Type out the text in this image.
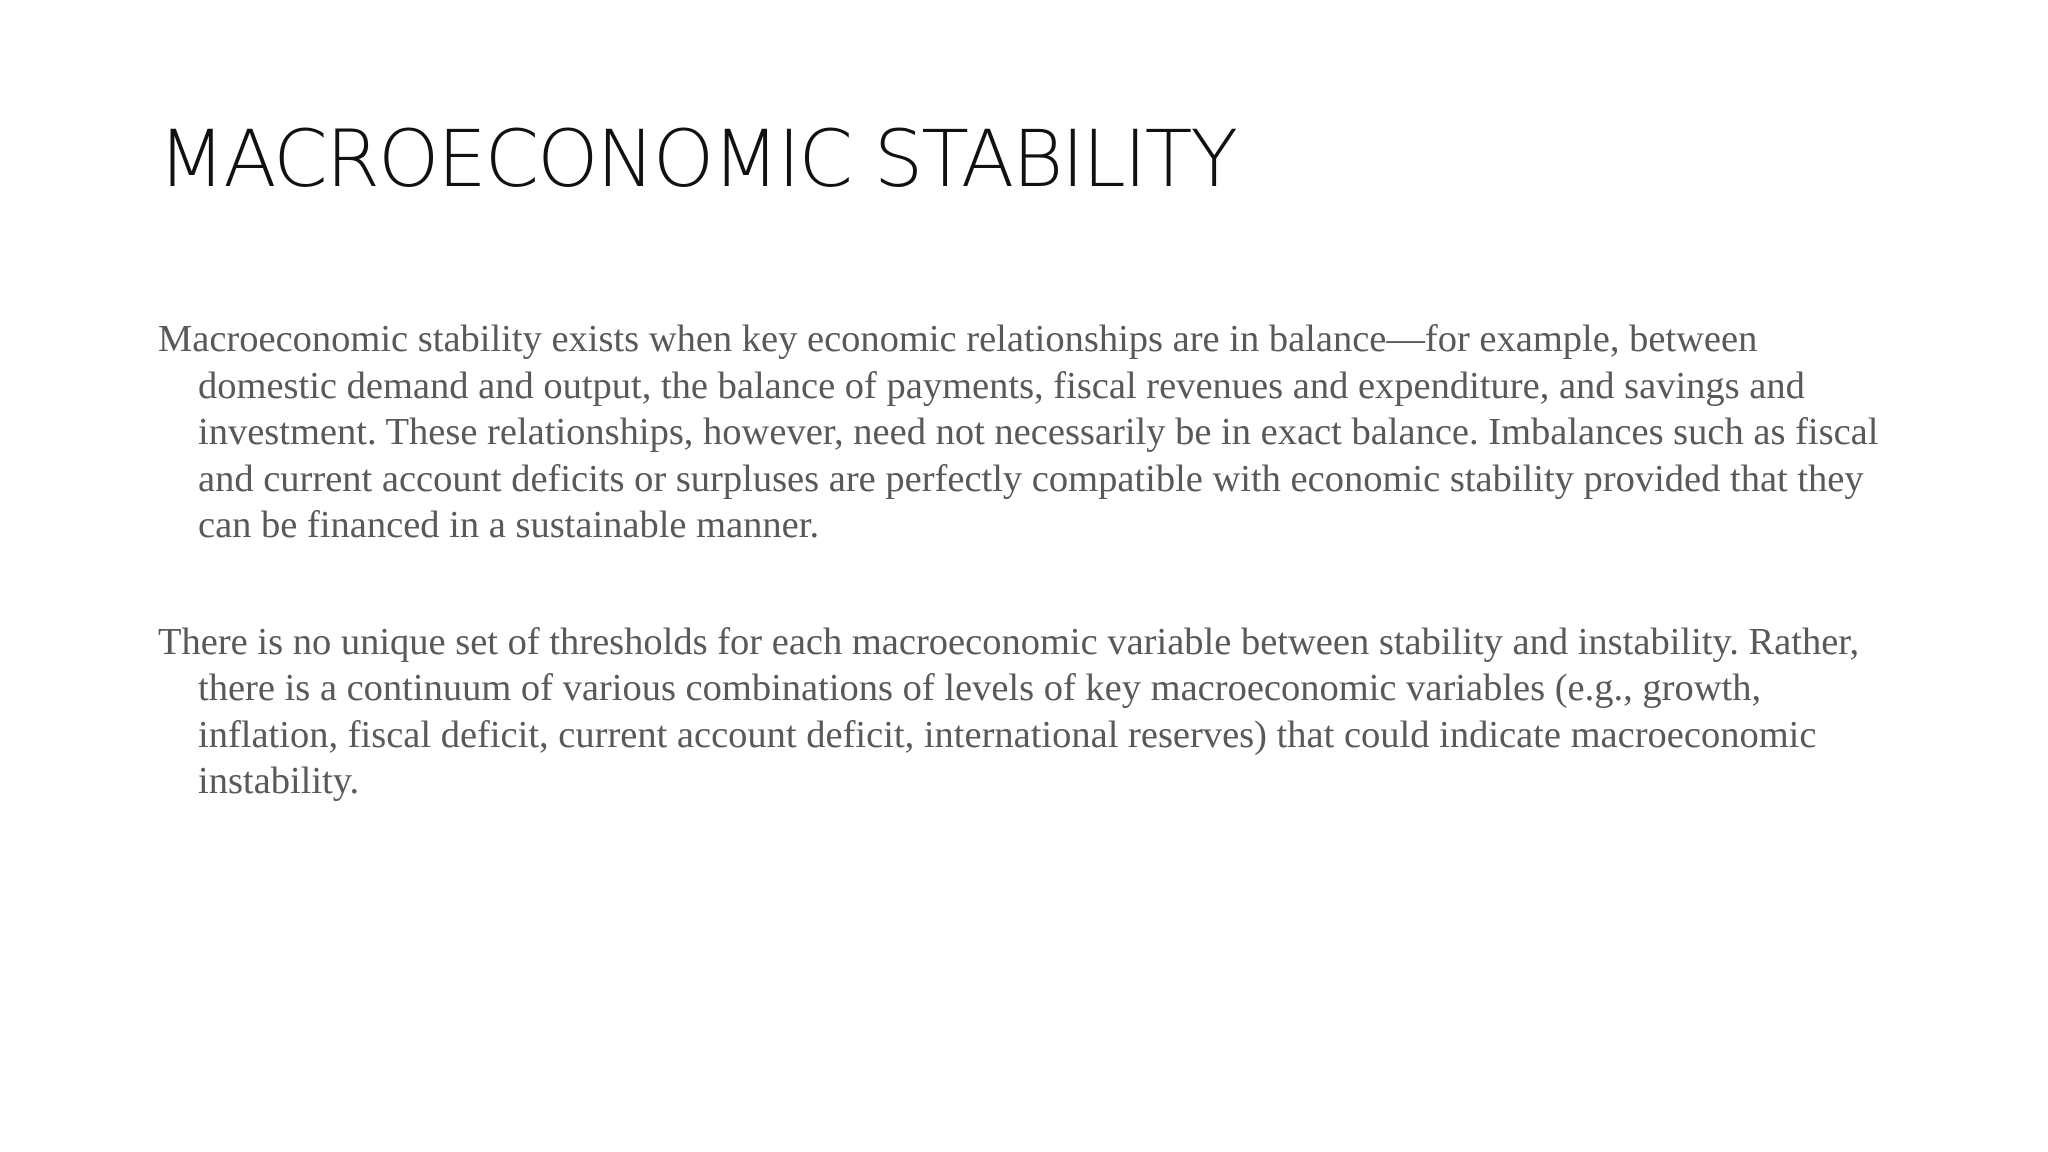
MACROECONOMIC STABILITY

Macroeconomic stability exists when key economic relationships are in balance—for example, between domestic demand and output, the balance of payments, fiscal revenues and expenditure, and savings and investment. These relationships, however, need not necessarily be in exact balance. Imbalances such as fiscal and current account deficits or surpluses are perfectly compatible with economic stability provided that they can be financed in a sustainable manner.

There is no unique set of thresholds for each macroeconomic variable between stability and instability. Rather, there is a continuum of various combinations of levels of key macroeconomic variables (e.g., growth, inflation, fiscal deficit, current account deficit, international reserves) that could indicate macroeconomic instability.
